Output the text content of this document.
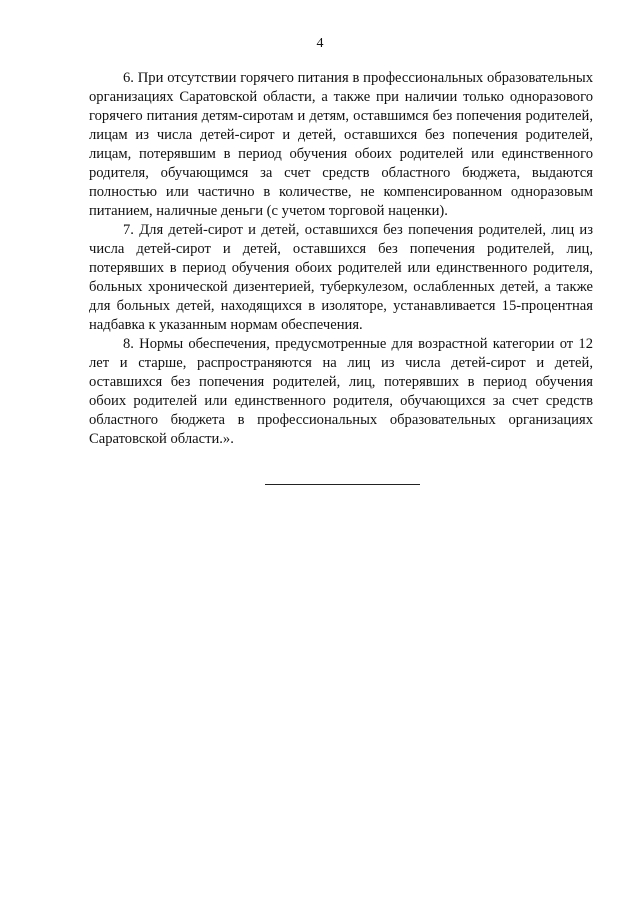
4

6. При отсутствии горячего питания в профессиональных образовательных организациях Саратовской области, а также при наличии только одноразового горячего питания детям-сиротам и детям, оставшимся без попечения родителей, лицам из числа детей-сирот и детей, оставшихся без попечения родителей, лицам, потерявшим в период обучения обоих родителей или единственного родителя, обучающимся за счет средств областного бюджета, выдаются полностью или частично в количестве, не компенсированном одноразовым питанием, наличные деньги (с учетом торговой наценки).

7. Для детей-сирот и детей, оставшихся без попечения родителей, лиц из числа детей-сирот и детей, оставшихся без попечения родителей, лиц, потерявших в период обучения обоих родителей или единственного родителя, больных хронической дизентерией, туберкулезом, ослабленных детей, а также для больных детей, находящихся в изоляторе, устанавливается 15-процентная надбавка к указанным нормам обеспечения.

8. Нормы обеспечения, предусмотренные для возрастной категории от 12 лет и старше, распространяются на лиц из числа детей-сирот и детей, оставшихся без попечения родителей, лиц, потерявших в период обучения обоих родителей или единственного родителя, обучающихся за счет средств областного бюджета в профессиональных образовательных организациях Саратовской области.».
